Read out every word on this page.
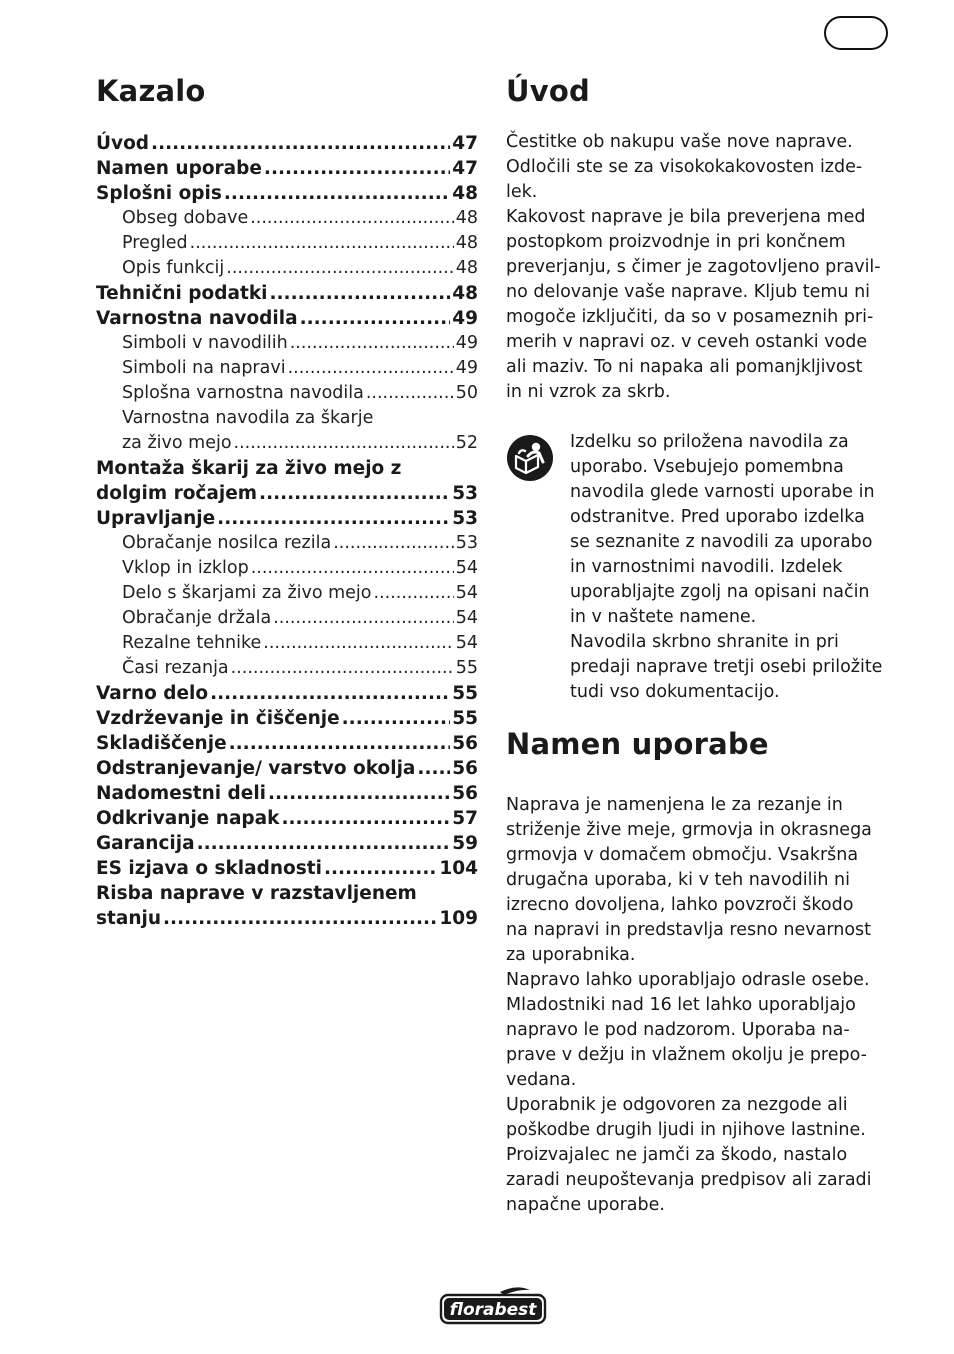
Kazalo
Úvod .....	47
Namen uporabe .....	47
Splošni opis .....	48
Obseg dobave .....	48
Pregled .....	48
Opis funkcij .....	48
Tehnični podatki .....	48
Varnostna navodila .....	49
Simboli v navodilih .....	49
Simboli na napravi .....	49
Splošna varnostna navodila .....	50
Varnostna navodila za škarje
za živo mejo .....	52
Montaža škarij za živo mejo z
dolgim ročajem .....	53
Upravljanje .....	53
Obračanje nosilca rezila .....	53
Vklop in izklop .....	54
Delo s škarjami za živo mejo .....	54
Obračanje držala .....	54
Rezalne tehnike .....	54
Časi rezanja .....	55
Varno delo .....	55
Vzdrževanje in čiščenje .....	55
Skladiščenje .....	56
Odstranjevanje/ varstvo okolja ..... 56
Nadomestni deli .....	56
Odkrivanje napak .....	57
Garancija .....	59
ES izjava o skladnosti .....	104
Risba naprave v razstavljenem
stanju .....	109
Úvod

Čestitke ob nakupu vaše nove naprave.

Odločili ste se za visokokakovosten izde-

lek.

Kakovost naprave je bila preverjena med

postopkom proizvodnje in pri končnem

preverjanju, s čimer je zagotovljeno pravil-

no delovanje vaše naprave. Kljub temu ni

mogoče izključiti, da so v posameznih pri-

merih v napravi oz. v ceveh ostanki vode

ali maziv. To ni napaka ali pomanjkljivost

in ni vzrok za skrb.

Izdelku so priložena navodila za

uporabo. Vsebujejo pomembna

navodila glede varnosti uporabe in

odstranitve. Pred uporabo izdelka

se seznanite z navodili za uporabo

in varnostnimi navodili. Izdelek

uporabljajte zgolj na opisani način

in v naštete namene.

Navodila skrbno shranite in pri

predaji naprave tretji osebi priložite

tudi vso dokumentacijo.

Namen uporabe

Naprava je namenjena le za rezanje in

striženje žive meje, grmovja in okrasnega

grmovja v domačem območju. Vsakršna

drugačna uporaba, ki v teh navodilih ni

izrecno dovoljena, lahko povzroči škodo

na napravi in predstavlja resno nevarnost

za uporabnika.

Napravo lahko uporabljajo odrasle osebe.

Mladostniki nad 16 let lahko uporabljajo

napravo le pod nadzorom. Uporaba na-

prave v dežju in vlažnem okolju je prepo-

vedana.

Uporabnik je odgovoren za nezgode ali

poškodbe drugih ljudi in njihove lastnine.

Proizvajalec ne jamči za škodo, nastalo

zaradi neupoštevanja predpisov ali zaradi

napačne uporabe.

florabest
